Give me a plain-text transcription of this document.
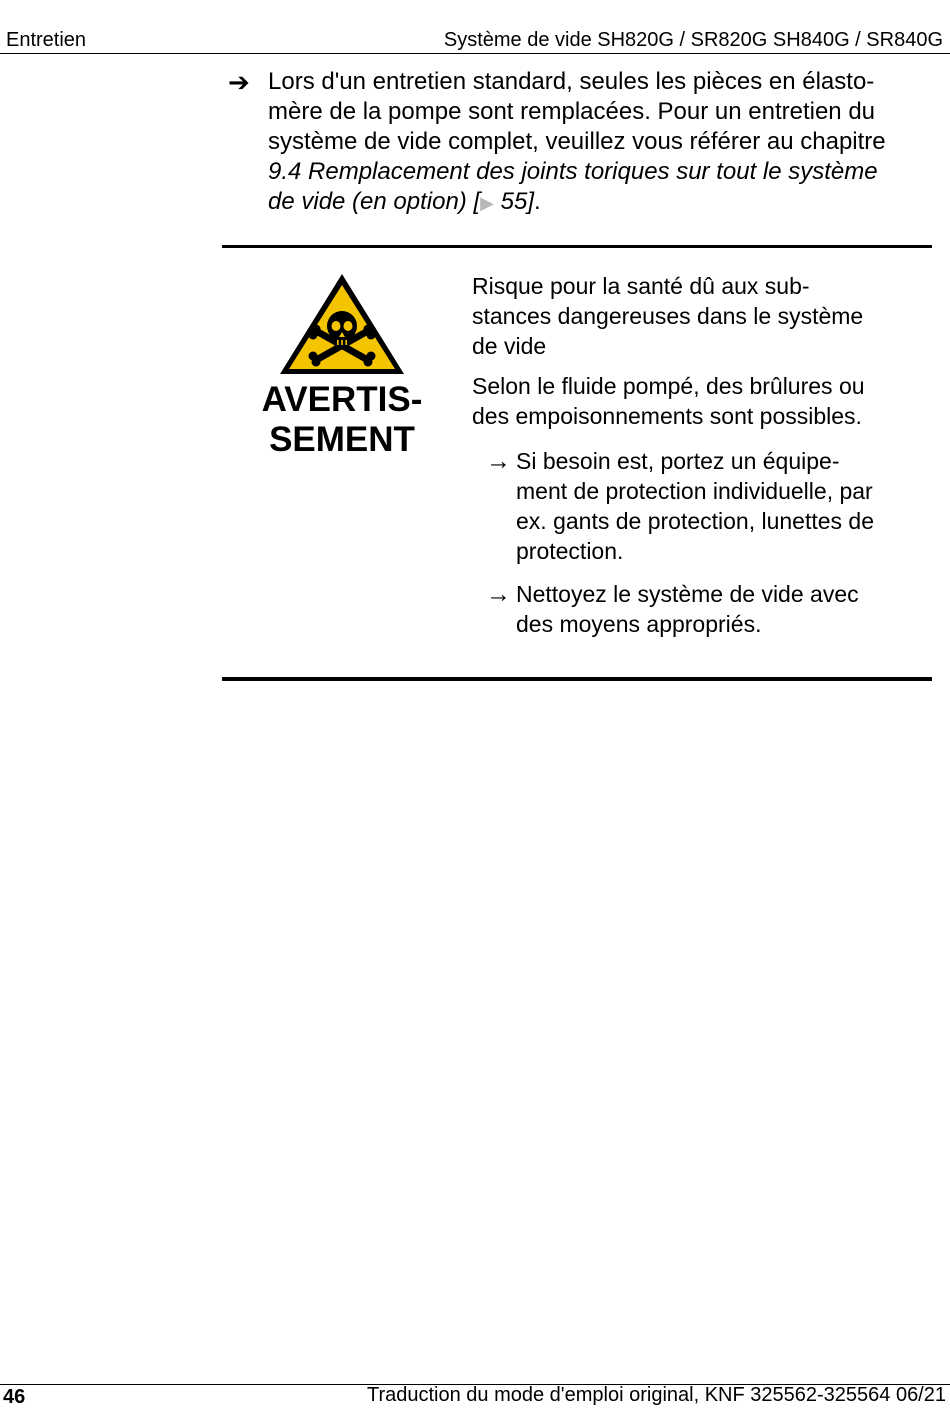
Entretien	Système de vide SH820G / SR820G SH840G / SR840G
➔ Lors d'un entretien standard, seules les pièces en élasto-
mère de la pompe sont remplacées. Pour un entretien du
système de vide complet, veuillez vous référer au chapitre
9.4 Remplacement des joints toriques sur tout le système
de vide (en option) [▶ 55].
AVERTIS-
SEMENT
Risque pour la santé dû aux sub-
stances dangereuses dans le système
de vide
Selon le fluide pompé, des brûlures ou
des empoisonnements sont possibles.
→ Si besoin est, portez un équipe-
ment de protection individuelle, par
ex. gants de protection, lunettes de
protection.
→ Nettoyez le système de vide avec
des moyens appropriés.
46	Traduction du mode d'emploi original, KNF 325562-325564 06/21
